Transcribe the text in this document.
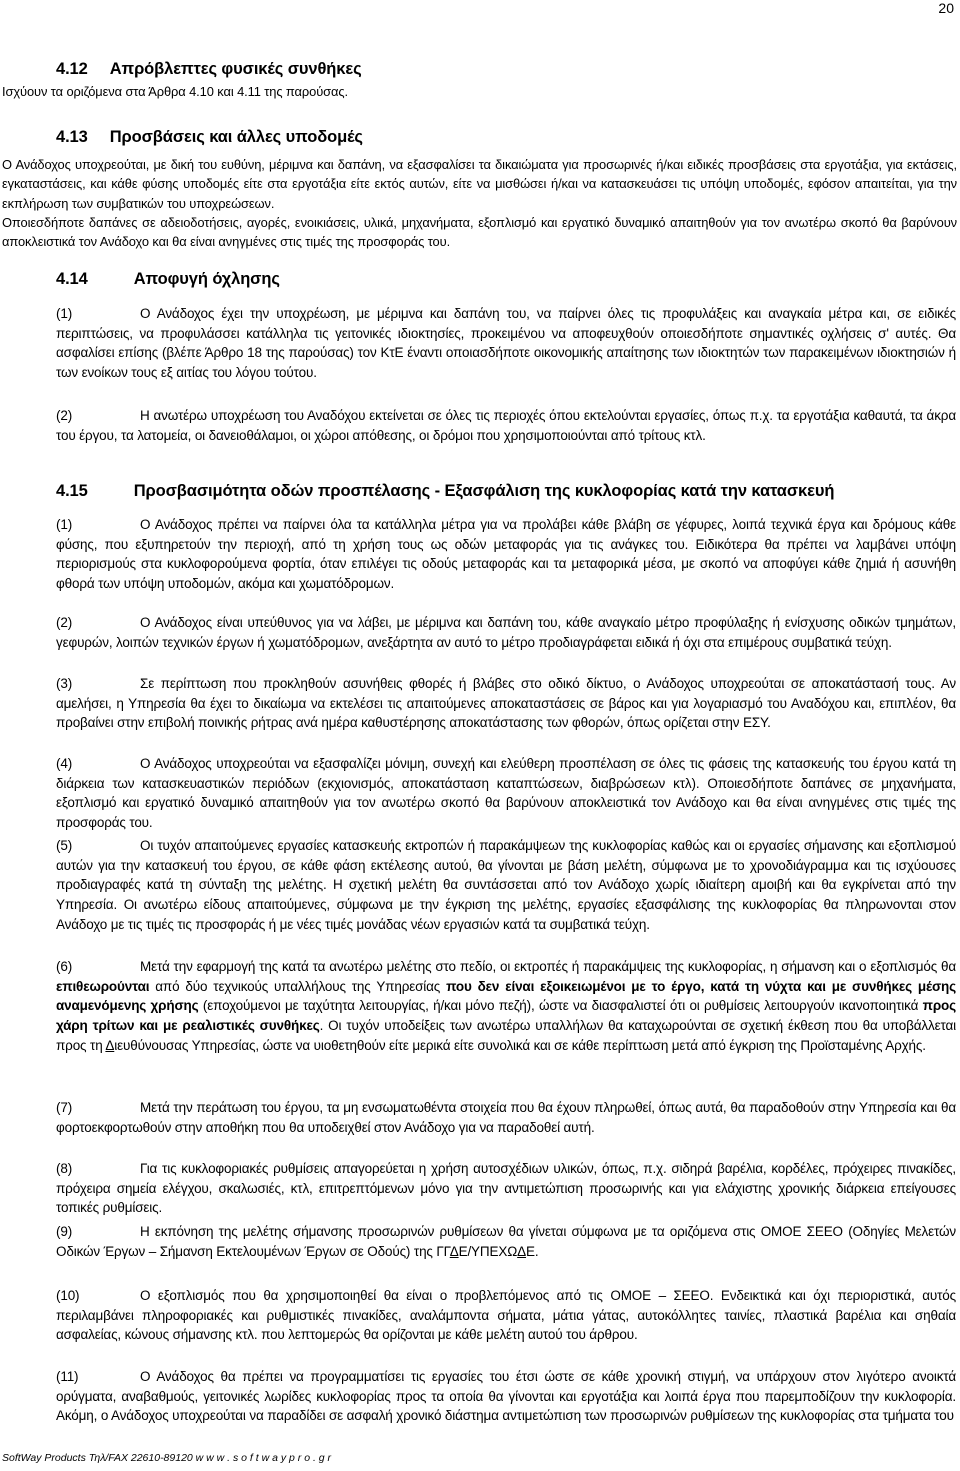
20
4.12 Απρόβλεπτες φυσικές συνθήκες
Ισχύουν τα οριζόμενα στα Άρθρα 4.10 και 4.11 της παρούσας.
4.13 Προσβάσεις και άλλες υποδομές
Ο Ανάδοχος υποχρεούται, με δική του ευθύνη, μέριμνα και δαπάνη, να εξασφαλίσει τα δικαιώματα για προσωρινές ή/και ειδικές προσβάσεις στα εργοτάξια, για εκτάσεις, εγκαταστάσεις, και κάθε φύσης υποδομές είτε στα εργοτάξια είτε εκτός αυτών, είτε να μισθώσει ή/και να κατασκευάσει τις υπόψη υποδομές, εφόσον απαιτείται, για την εκπλήρωση των συμβατικών του υποχρεώσεων.
Οποιεσδήποτε δαπάνες σε αδειοδοτήσεις, αγορές, ενοικιάσεις, υλικά, μηχανήματα, εξοπλισμό και εργατικό δυναμικό απαιτηθούν για τον ανωτέρω σκοπό θα βαρύνουν αποκλειστικά τον Ανάδοχο και θα είναι ανηγμένες στις τιμές της προσφοράς του.
4.14	Αποφυγή όχλησης
(1)	Ο Ανάδοχος έχει την υποχρέωση, με μέριμνα και δαπάνη του, να παίρνει όλες τις προφυλάξεις και αναγκαία μέτρα και, σε ειδικές περιπτώσεις, να προφυλάσσει κατάλληλα τις γειτονικές ιδιοκτησίες, προκειμένου να αποφευχθούν οποιεσδήποτε σημαντικές οχλήσεις σ' αυτές. Θα ασφαλίσει επίσης (βλέπε Άρθρο 18 της παρούσας) τον ΚτΕ έναντι οποιασδήποτε οικονομικής απαίτησης των ιδιοκτητών των παρακειμένων ιδιοκτησιών ή των ενοίκων τους εξ αιτίας του λόγου τούτου.
(2)	Η ανωτέρω υποχρέωση του Αναδόχου εκτείνεται σε όλες τις περιοχές όπου εκτελούνται εργασίες, όπως π.χ. τα εργοτάξια καθαυτά, τα άκρα του έργου, τα λατομεία, οι δανειοθάλαμοι, οι χώροι απόθεσης, οι δρόμοι που χρησιμοποιούνται από τρίτους κτλ.
4.15	Προσβασιμότητα οδών προσπέλασης - Εξασφάλιση της κυκλοφορίας κατά την κατασκευή
(1)	Ο Ανάδοχος πρέπει να παίρνει όλα τα κατάλληλα μέτρα για να προλάβει κάθε βλάβη σε γέφυρες, λοιπά τεχνικά έργα και δρόμους κάθε φύσης, που εξυπηρετούν την περιοχή, από τη χρήση τους ως οδών μεταφοράς για τις ανάγκες του. Ειδικότερα θα πρέπει να λαμβάνει υπόψη περιορισμούς στα κυκλοφορούμενα φορτία, όταν επιλέγει τις οδούς μεταφοράς και τα μεταφορικά μέσα, με σκοπό να αποφύγει κάθε ζημιά ή ασυνήθη φθορά των υπόψη υποδομών, ακόμα και χωματόδρομων.
(2)	Ο Ανάδοχος είναι υπεύθυνος για να λάβει, με μέριμνα και δαπάνη του, κάθε αναγκαίο μέτρο προφύλαξης ή ενίσχυσης οδικών τμημάτων, γεφυρών, λοιπών τεχνικών έργων ή χωματόδρομων, ανεξάρτητα αν αυτό το μέτρο προδιαγράφεται ειδικά ή όχι στα επιμέρους συμβατικά τεύχη.
(3)	Σε περίπτωση που προκληθούν ασυνήθεις φθορές ή βλάβες στο οδικό δίκτυο, ο Ανάδοχος υποχρεούται σε αποκατάστασή τους. Αν αμελήσει, η Υπηρεσία θα έχει το δικαίωμα να εκτελέσει τις απαιτούμενες αποκαταστάσεις σε βάρος και για λογαριασμό του Αναδόχου και, επιπλέον, θα προβαίνει στην επιβολή ποινικής ρήτρας ανά ημέρα καθυστέρησης αποκατάστασης των φθορών, όπως ορίζεται στην ΕΣΥ.
(4)	Ο Ανάδοχος υποχρεούται να εξασφαλίζει μόνιμη, συνεχή και ελεύθερη προσπέλαση σε όλες τις φάσεις της κατασκευής του έργου κατά τη διάρκεια των κατασκευαστικών περιόδων (εκχιονισμός, αποκατάσταση καταπτώσεων, διαβρώσεων κτλ). Οποιεσδήποτε δαπάνες σε μηχανήματα, εξοπλισμό και εργατικό δυναμικό απαιτηθούν για τον ανωτέρω σκοπό θα βαρύνουν αποκλειστικά τον Ανάδοχο και θα είναι ανηγμένες στις τιμές της προσφοράς του.
(5)	Οι τυχόν απαιτούμενες εργασίες κατασκευής εκτροπών ή παρακάμψεων της κυκλοφορίας καθώς και οι εργασίες σήμανσης και εξοπλισμού αυτών για την κατασκευή του έργου, σε κάθε φάση εκτέλεσης αυτού, θα γίνονται με βάση μελέτη, σύμφωνα με το χρονοδιάγραμμα και τις ισχύουσες προδιαγραφές κατά τη σύνταξη της μελέτης. Η σχετική μελέτη θα συντάσσεται από τον Ανάδοχο χωρίς ιδιαίτερη αμοιβή και θα εγκρίνεται από την Υπηρεσία. Οι ανωτέρω είδους απαιτούμενες, σύμφωνα με την έγκριση της μελέτης, εργασίες εξασφάλισης της κυκλοφορίας θα πληρωνονται στον Ανάδοχο με τις τιμές τις προσφοράς ή με νέες τιμές μονάδας νέων εργασιών κατά τα συμβατικά τεύχη.
(6)	Μετά την εφαρμογή της κατά τα ανωτέρω μελέτης στο πεδίο, οι εκτροπές ή παρακάμψεις της κυκλοφορίας, η σήμανση και ο εξοπλισμός θα επιθεωρούνται από δύο τεχνικούς υπαλλήλους της Υπηρεσίας που δεν είναι εξοικειωμένοι με το έργο, κατά τη νύχτα και με συνθήκες μέσης αναμενόμενης χρήσης (εποχούμενοι με ταχύτητα λειτουργίας, ή/και μόνο πεζή), ώστε να διασφαλιστεί ότι οι ρυθμίσεις λειτουργούν ικανοποιητικά προς χάρη τρίτων και με ρεαλιστικές συνθήκες. Οι τυχόν υποδείξεις των ανωτέρω υπαλλήλων θα καταχωρούνται σε σχετική έκθεση που θα υποβάλλεται προς τη Διευθύνουσας Υπηρεσίας, ώστε να υιοθετηθούν είτε μερικά είτε συνολικά και σε κάθε περίπτωση μετά από έγκριση της Προϊσταμένης Αρχής.
(7)	Μετά την περάτωση του έργου, τα μη ενσωματωθέντα στοιχεία που θα έχουν πληρωθεί, όπως αυτά, θα παραδοθούν στην Υπηρεσία και θα φορτοεκφορτωθούν στην αποθήκη που θα υποδειχθεί στον Ανάδοχο για να παραδοθεί αυτή.
(8)	Για τις κυκλοφοριακές ρυθμίσεις απαγορεύεται η χρήση αυτοσχέδιων υλικών, όπως, π.χ. σιδηρά βαρέλια, κορδέλες, πρόχειρες πινακίδες, πρόχειρα σημεία ελέγχου, σκαλωσιές, κτλ, επιτρεπτόμενων μόνο για την αντιμετώπιση προσωρινής και για ελάχιστης χρονικής διάρκεια επείγουσες τοπικές ρυθμίσεις.
(9)	Η εκπόνηση της μελέτης σήμανσης προσωρινών ρυθμίσεων θα γίνεται σύμφωνα με τα οριζόμενα στις ΟΜΟΕ ΣΕΕΟ (Οδηγίες Μελετών Οδικών Έργων – Σήμανση Εκτελουμένων Έργων σε Οδούς) της ΓΓΔΕ/ΥΠΕΧΩΔΕ.
(10)	Ο εξοπλισμός που θα χρησιμοποιηθεί θα είναι ο προβλεπόμενος από τις ΟΜΟΕ – ΣΕΕΟ. Ενδεικτικά και όχι περιοριστικά, αυτός περιλαμβάνει πληροφοριακές και ρυθμιστικές πινακίδες, αναλάμποντα σήματα, μάτια γάτας, αυτοκόλλητες ταινίες, πλαστικά βαρέλια και σηθαία ασφαλείας, κώνους σήμανσης κτλ. που λεπτομερώς θα ορίζονται με κάθε μελέτη αυτού του άρθρου.
(11)	Ο Ανάδοχος θα πρέπει να προγραμματίσει τις εργασίες του έτσι ώστε σε κάθε χρονική στιγμή, να υπάρχουν στον λιγότερο ανοικτά ορύγματα, αναβαθμούς, γειτονικές λωρίδες κυκλοφορίας προς τα οποία θα γίνονται και εργοτάξια και λοιπά έργα που παρεμποδίζουν την κυκλοφορία. Ακόμη, ο Ανάδοχος υποχρεούται να παραδίδει σε ασφαλή χρονικό διάστημα αντιμετώπιση των προσωρινών ρυθμίσεων της κυκλοφορίας στα τμήματα του
SoftWay Products Τηλ/FAX 22610-89120 w w w . s o f t w a y p r o . g r
